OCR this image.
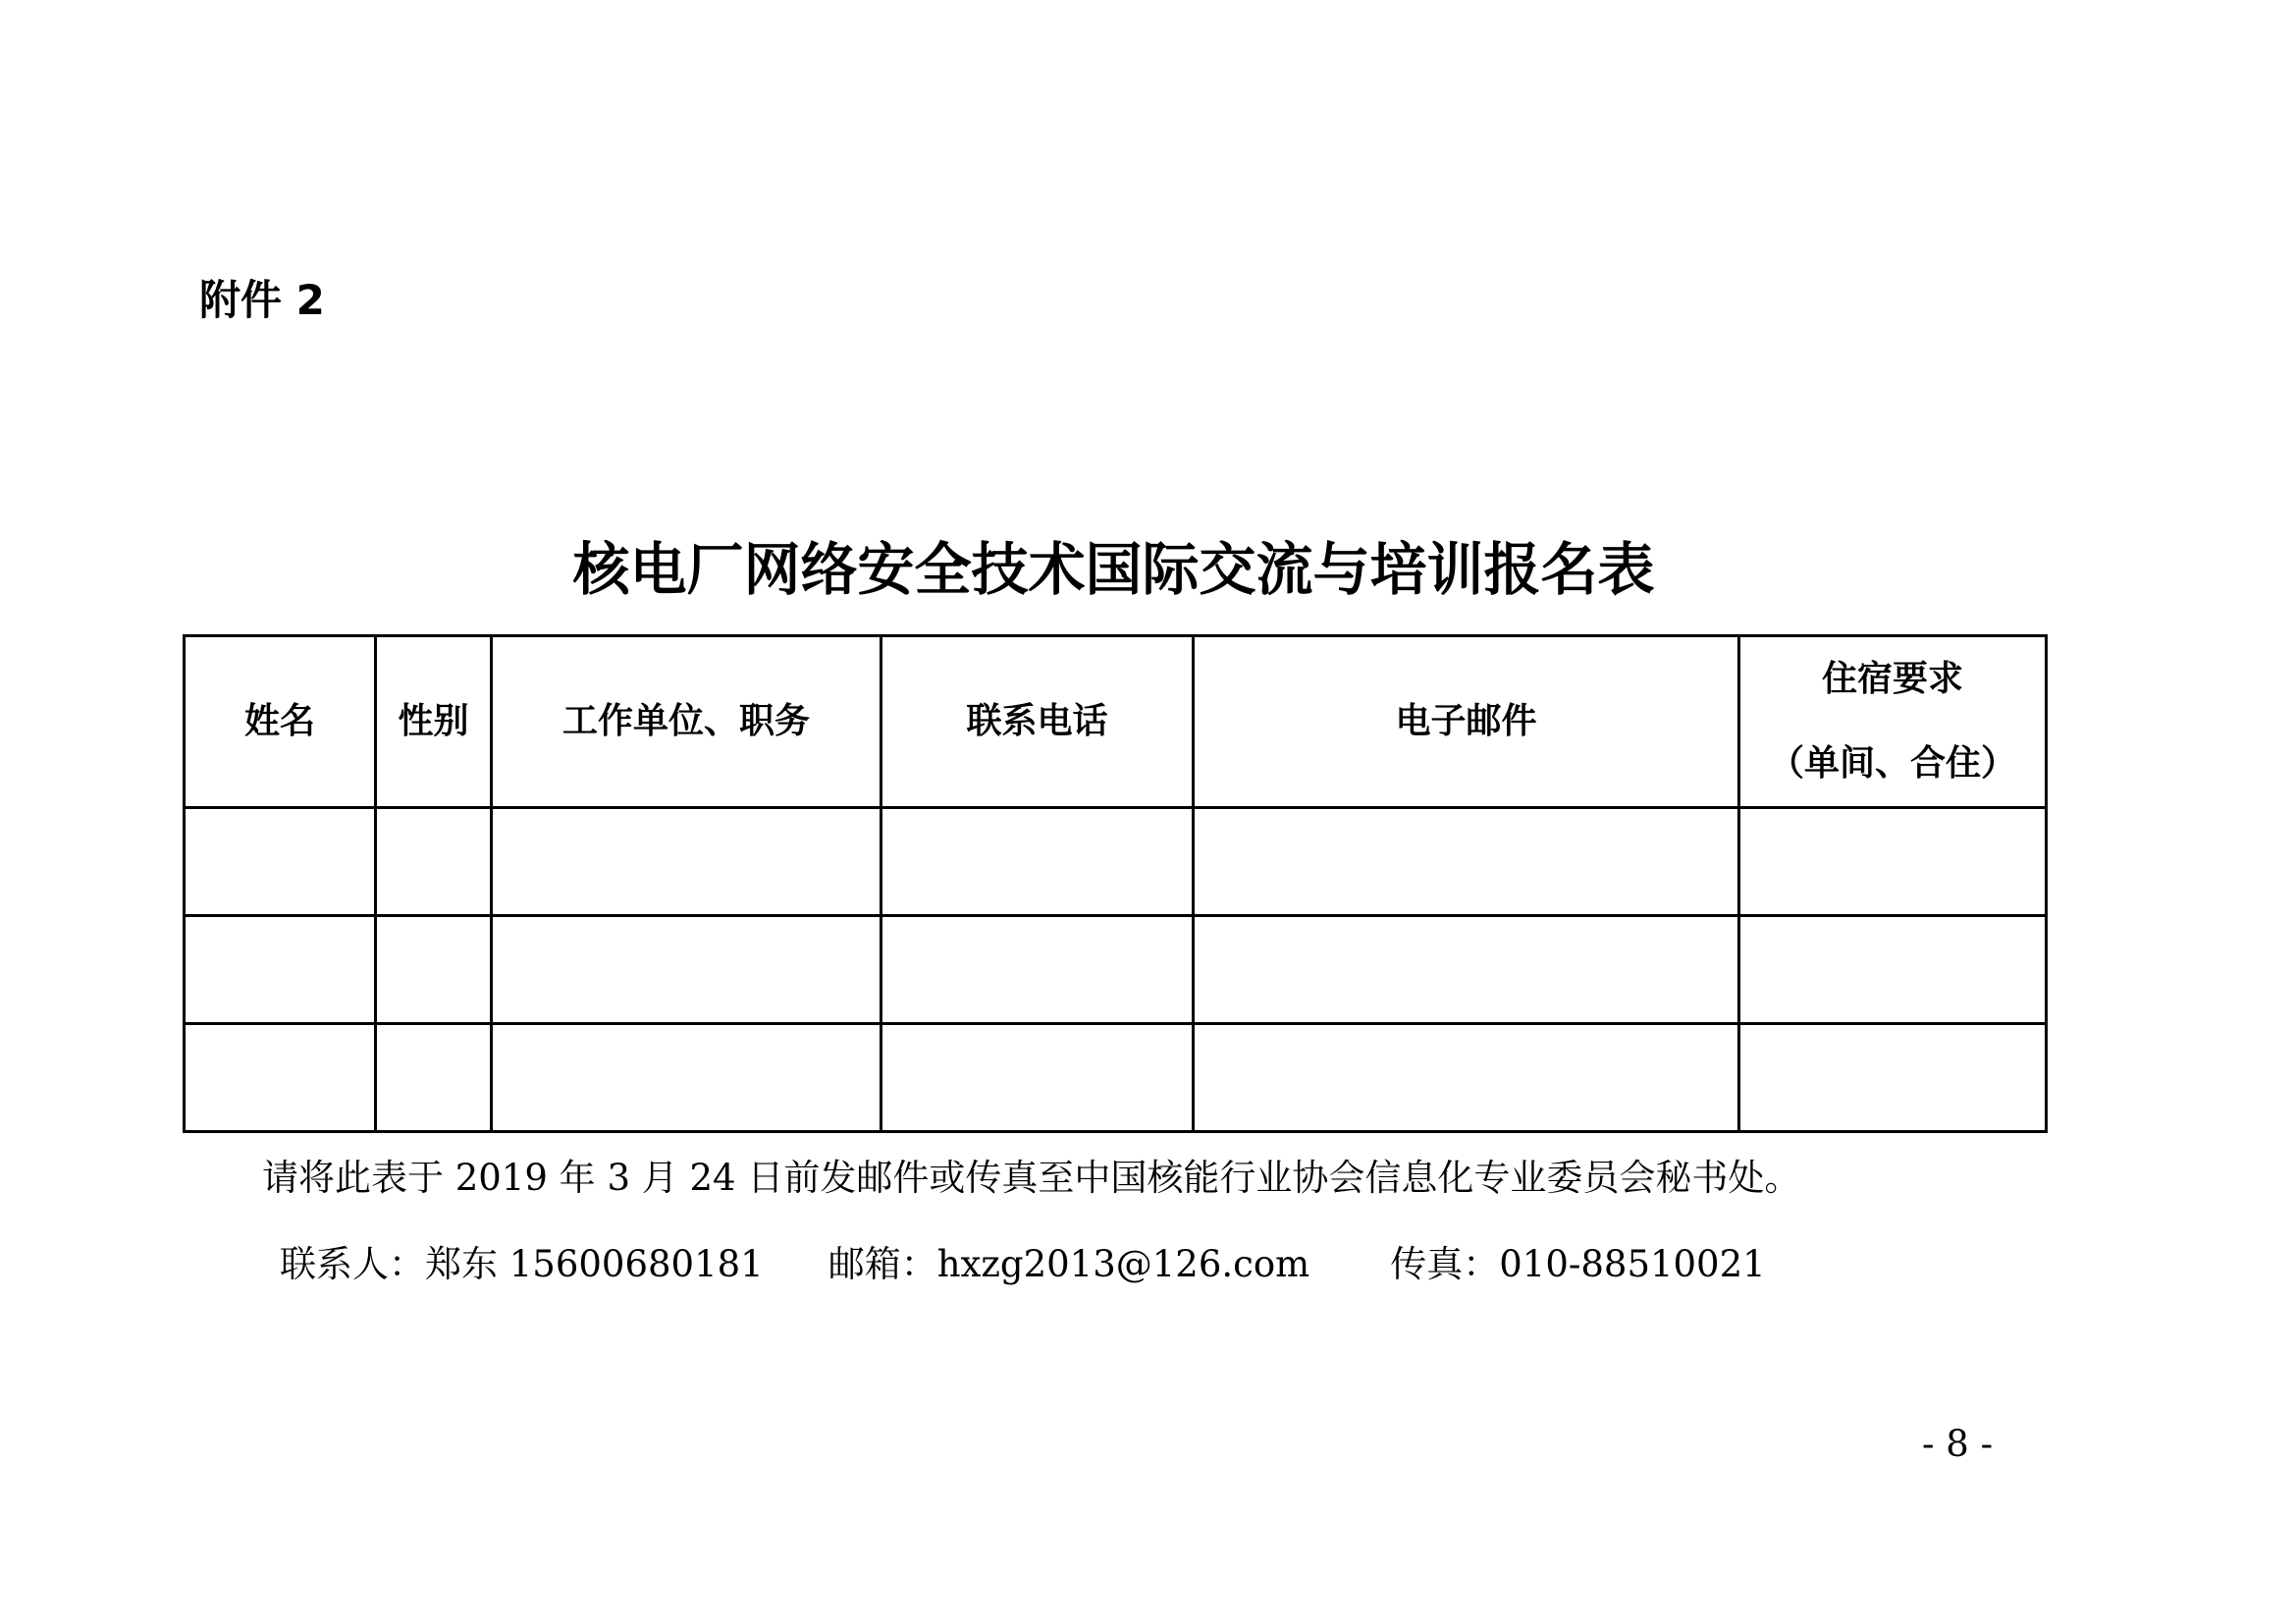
附件 2

核电厂网络安全技术国际交流与培训报名表
姓名	性别	工作单位、职务	联系电话	电子邮件	住宿要求
（单间、合住）

请将此表于 2019 年 3 月 24 日前发邮件或传真至中国核能行业协会信息化专业委员会秘书处。

联系人：郑东 15600680181 邮箱：hxzg2013@126.com 传真：010-88510021

- 8 -
